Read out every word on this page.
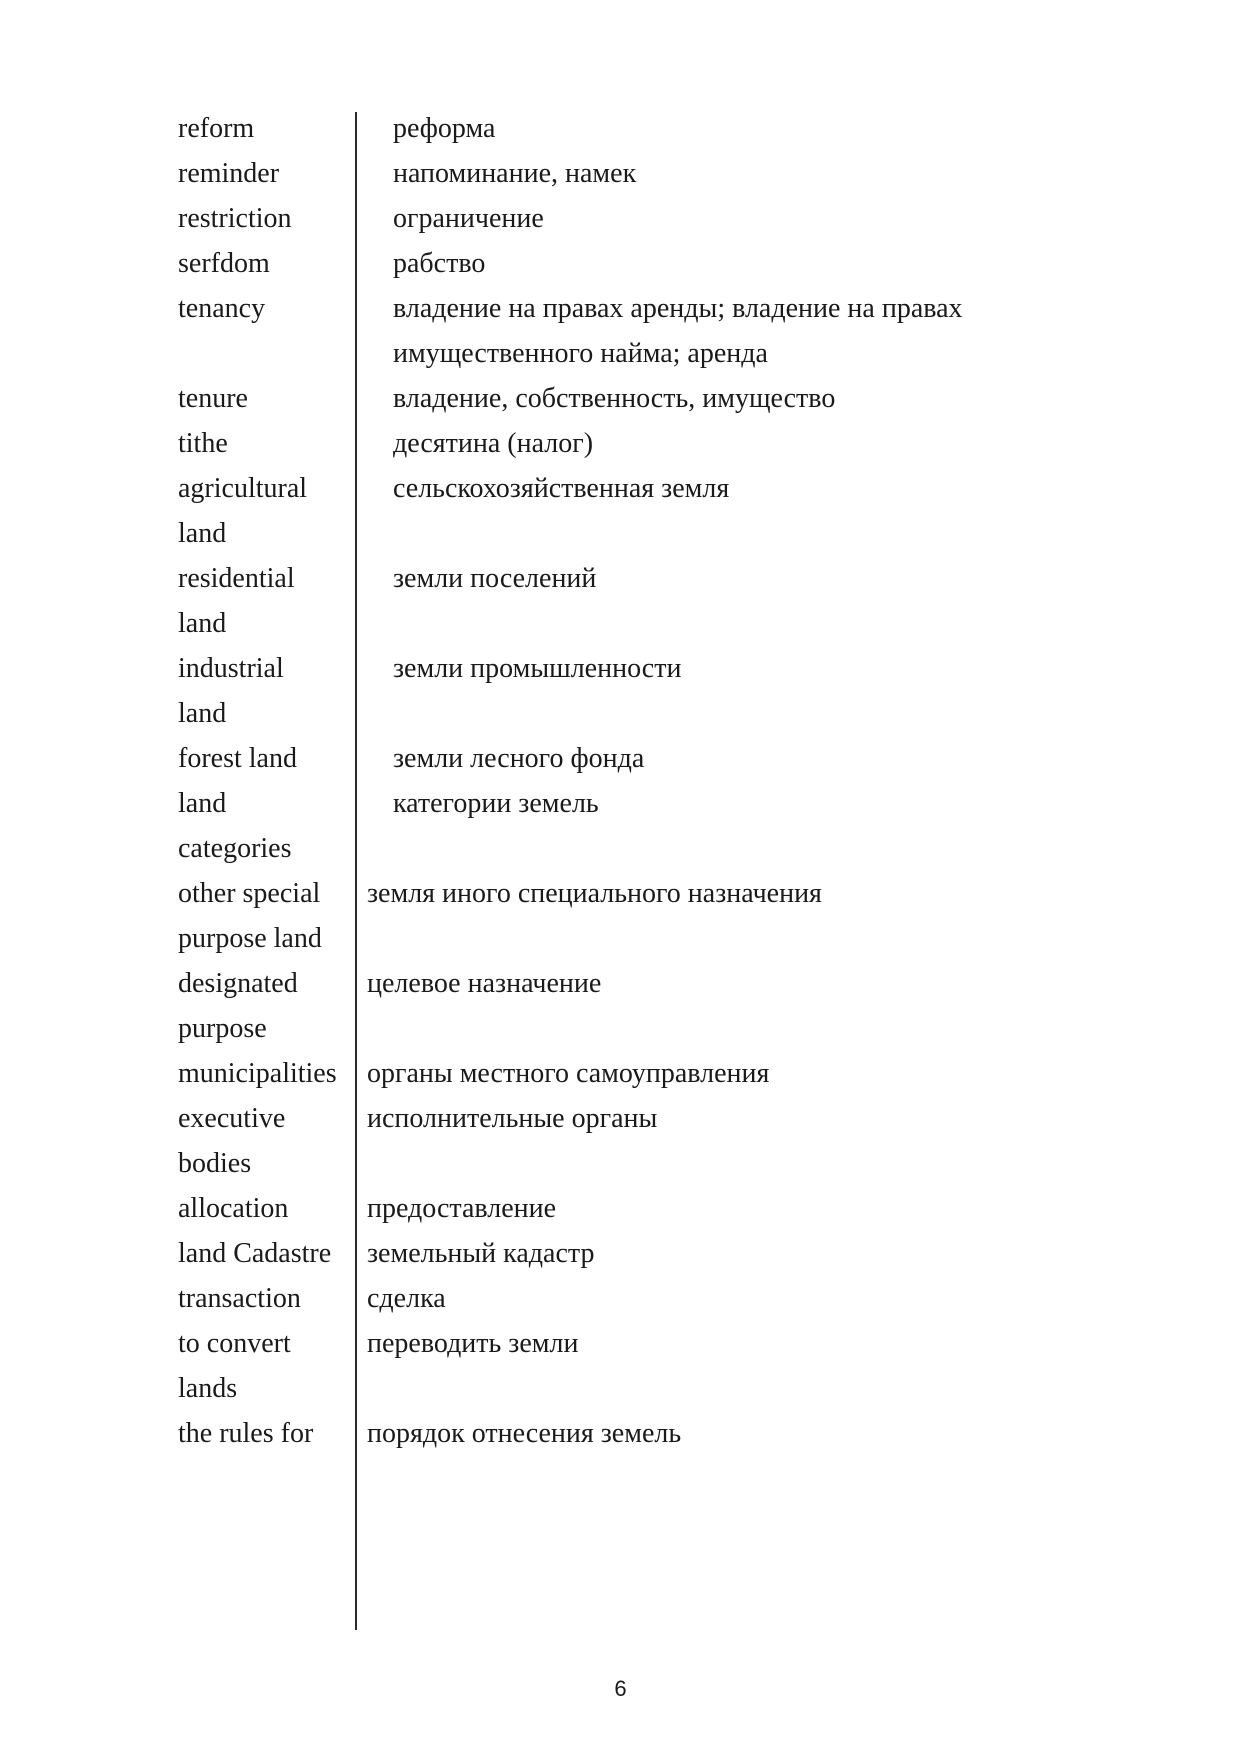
reform	реформа
reminder	напоминание, намек
restriction	ограничение
serfdom	рабство
tenancy	владение на правах аренды; владение на правах
имущественного найма; аренда
tenure	владение, собственность, имущество
tithe	десятина (налог)
agricultural	сельскохозяйственная земля
land
residential	земли поселений
land
industrial	земли промышленности
land
forest land	земли лесного фонда
land	категории земель
categories
other special земля иного специального назначения
purpose land
designated целевое назначение
purpose
municipalities органы местного самоуправления
executive	исполнительные органы
bodies
allocation	предоставление
land Cadastre земельный кадастр
transaction сделка
to convert	переводить земли
lands
the rules for порядок отнесения земель
6
